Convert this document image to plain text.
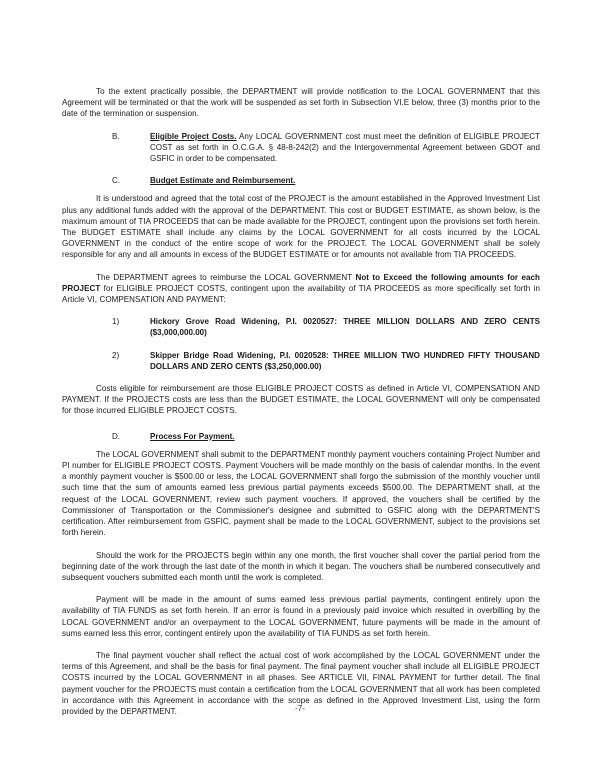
To the extent practically possible, the DEPARTMENT will provide notification to the LOCAL GOVERNMENT that this Agreement will be terminated or that the work will be suspended as set forth in Subsection VI.E below, three (3) months prior to the date of the termination or suspension.

B.	Eligible Project Costs. Any LOCAL GOVERNMENT cost must meet the definition of ELIGIBLE PROJECT COST as set forth in O.C.G.A. § 48-8-242(2) and the Intergovernmental Agreement between GDOT and GSFIC in order to be compensated.
C.	Budget Estimate and Reimbursement.

It is understood and agreed that the total cost of the PROJECT is the amount established in the Approved Investment List plus any additional funds added with the approval of the DEPARTMENT. This cost or BUDGET ESTIMATE, as shown below, is the maximum amount of TIA PROCEEDS that can be made available for the PROJECT, contingent upon the provisions set forth herein. The BUDGET ESTIMATE shall include any claims by the LOCAL GOVERNMENT for all costs incurred by the LOCAL GOVERNMENT in the conduct of the entire scope of work for the PROJECT. The LOCAL GOVERNMENT shall be solely responsible for any and all amounts in excess of the BUDGET ESTIMATE or for amounts not available from TIA PROCEEDS.

The DEPARTMENT agrees to reimburse the LOCAL GOVERNMENT Not to Exceed the following amounts for each PROJECT for ELIGIBLE PROJECT COSTS, contingent upon the availability of TIA PROCEEDS as more specifically set forth in Article VI, COMPENSATION AND PAYMENT:

1)	Hickory Grove Road Widening, P.I. 0020527: THREE MILLION DOLLARS AND ZERO CENTS ($3,000,000.00)
2)	Skipper Bridge Road Widening, P.I. 0020528: THREE MILLION TWO HUNDRED FIFTY THOUSAND DOLLARS AND ZERO CENTS ($3,250,000.00)

Costs eligible for reimbursement are those ELIGIBLE PROJECT COSTS as defined in Article VI, COMPENSATION AND PAYMENT. If the PROJECTS costs are less than the BUDGET ESTIMATE, the LOCAL GOVERNMENT will only be compensated for those incurred ELIGIBLE PROJECT COSTS.

D.	Process For Payment.

The LOCAL GOVERNMENT shall submit to the DEPARTMENT monthly payment vouchers containing Project Number and PI number for ELIGIBLE PROJECT COSTS. Payment Vouchers will be made monthly on the basis of calendar months. In the event a monthly payment voucher is $500.00 or less, the LOCAL GOVERNMENT shall forgo the submission of the monthly voucher until such time that the sum of amounts earned less previous partial payments exceeds $500.00. The DEPARTMENT shall, at the request of the LOCAL GOVERNMENT, review such payment vouchers. If approved, the vouchers shall be certified by the Commissioner of Transportation or the Commissioner's designee and submitted to GSFIC along with the DEPARTMENT'S certification. After reimbursement from GSFIC, payment shall be made to the LOCAL GOVERNMENT, subject to the provisions set forth herein.

Should the work for the PROJECTS begin within any one month, the first voucher shall cover the partial period from the beginning date of the work through the last date of the month in which it began. The vouchers shall be numbered consecutively and subsequent vouchers submitted each month until the work is completed.

Payment will be made in the amount of sums earned less previous partial payments, contingent entirely upon the availability of TIA FUNDS as set forth herein. If an error is found in a previously paid invoice which resulted in overbilling by the LOCAL GOVERNMENT and/or an overpayment to the LOCAL GOVERNMENT, future payments will be made in the amount of sums earned less this error, contingent entirely upon the availability of TIA FUNDS as set forth herein.

The final payment voucher shall reflect the actual cost of work accomplished by the LOCAL GOVERNMENT under the terms of this Agreement, and shall be the basis for final payment. The final payment voucher shall include all ELIGIBLE PROJECT COSTS incurred by the LOCAL GOVERNMENT in all phases. See ARTICLE VII, FINAL PAYMENT for further detail. The final payment voucher for the PROJECTS must contain a certification from the LOCAL GOVERNMENT that all work has been completed in accordance with this Agreement in accordance with the scope as defined in the Approved Investment List, using the form provided by the DEPARTMENT.	-7-
